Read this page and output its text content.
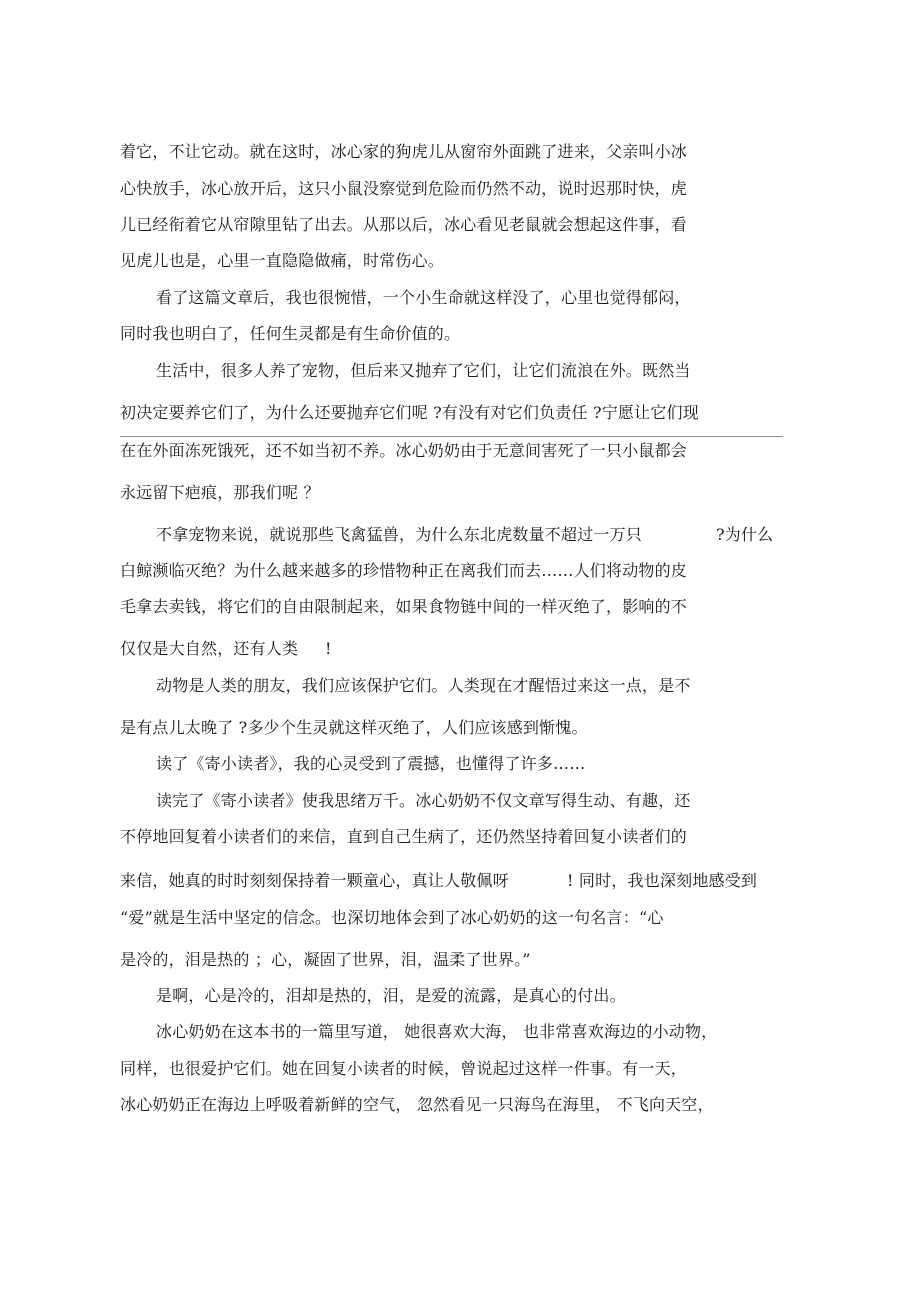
着它，不让它动。就在这时，冰心家的狗虎儿从窗帘外面跳了进来，父亲叫小冰
心快放手，冰心放开后，这只小鼠没察觉到危险而仍然不动，说时迟那时快，虎
儿已经衔着它从帘隙里钻了出去。从那以后，冰心看见老鼠就会想起这件事，看
见虎儿也是，心里一直隐隐做痛，时常伤心。
看了这篇文章后，我也很惋惜，一个小生命就这样没了，心里也觉得郁闷，
同时我也明白了，任何生灵都是有生命价值的。
生活中，很多人养了宠物，但后来又抛弃了它们，让它们流浪在外。既然当
初决定要养它们了，为什么还要抛弃它们呢 ?有没有对它们负责任 ?宁愿让它们现
在在外面冻死饿死，还不如当初不养。冰心奶奶由于无意间害死了一只小鼠都会
永远留下疤痕，那我们呢 ？
不拿宠物来说，就说那些飞禽猛兽，为什么东北虎数量不超过一万只	?为什么
白鲸濒临灭绝？为什么越来越多的珍惜物种正在离我们而去……人们将动物的皮
毛拿去卖钱，将它们的自由限制起来，如果食物链中间的一样灭绝了，影响的不
仅仅是大自然，还有人类 !
动物是人类的朋友，我们应该保护它们。人类现在才醒悟过来这一点，是不
是有点儿太晚了 ?多少个生灵就这样灭绝了，人们应该感到惭愧。
读了《寄小读者》，我的心灵受到了震撼，也懂得了许多……
读完了《寄小读者》使我思绪万千。冰心奶奶不仅文章写得生动、有趣，还
不停地回复着小读者们的来信，直到自己生病了，还仍然坚持着回复小读者们的
来信，她真的时时刻刻保持着一颗童心，真让人敬佩呀	! 同时，我也深刻地感受到
“爱”就是生活中坚定的信念。也深切地体会到了冰心奶奶的这一句名言：“心
是冷的，泪是热的 ；心，凝固了世界，泪，温柔了世界。”
是啊，心是冷的，泪却是热的，泪，是爱的流露，是真心的付出。
冰心奶奶在这本书的一篇里写道， 她很喜欢大海， 也非常喜欢海边的小动物，
同样，也很爱护它们。她在回复小读者的时候，曾说起过这样一件事。有一天，
冰心奶奶正在海边上呼吸着新鲜的空气， 忽然看见一只海鸟在海里， 不飞向天空，
